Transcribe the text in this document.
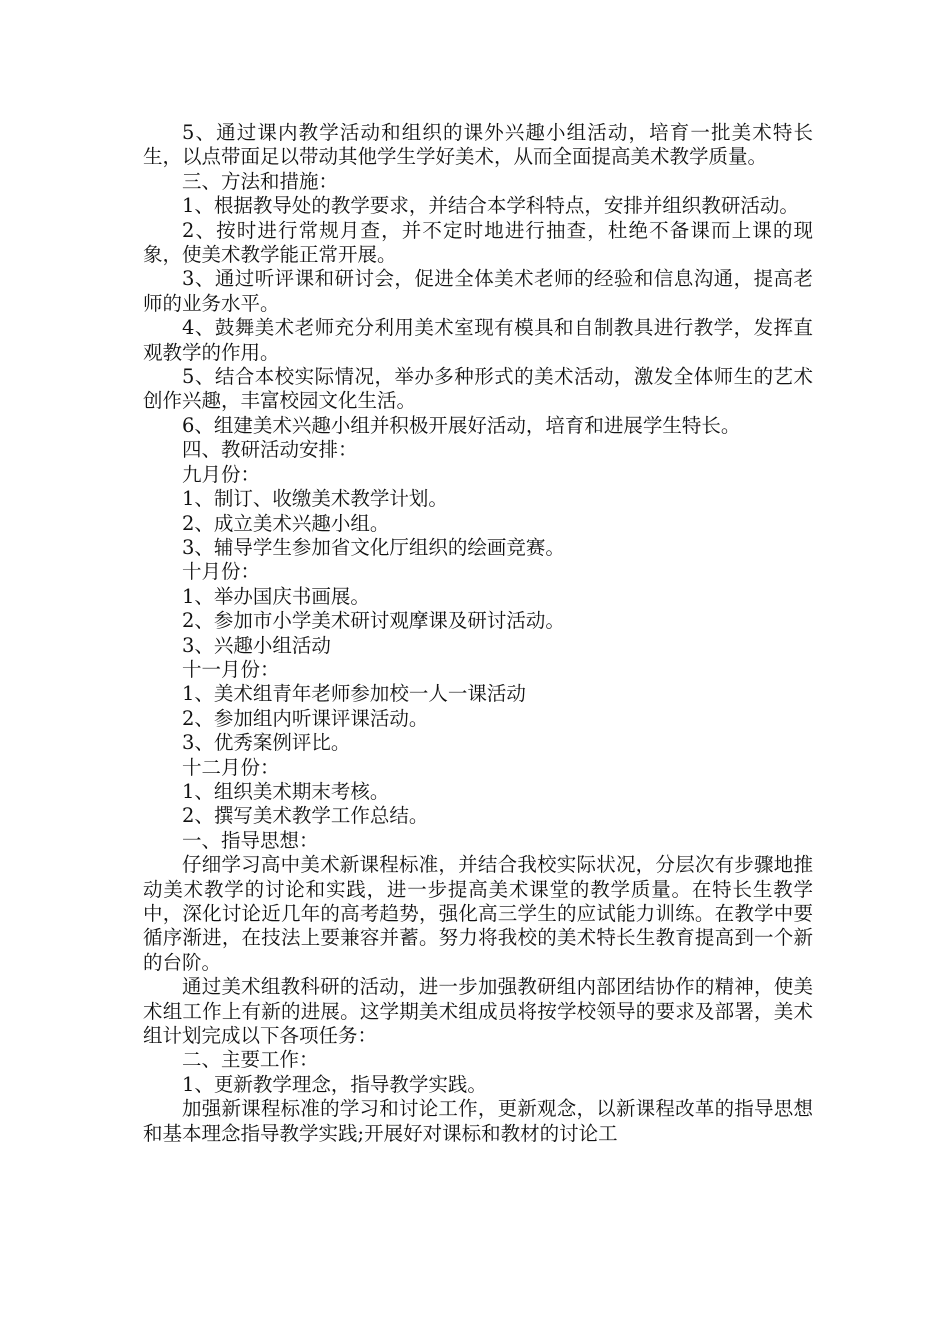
5、通过课内教学活动和组织的课外兴趣小组活动，培育一批美术特长生，以点带面足以带动其他学生学好美术，从而全面提高美术教学质量。

三、方法和措施：

1、根据教导处的教学要求，并结合本学科特点，安排并组织教研活动。

2、按时进行常规月查，并不定时地进行抽查，杜绝不备课而上课的现象，使美术教学能正常开展。

3、通过听评课和研讨会，促进全体美术老师的经验和信息沟通，提高老师的业务水平。

4、鼓舞美术老师充分利用美术室现有模具和自制教具进行教学，发挥直观教学的作用。

5、结合本校实际情况，举办多种形式的美术活动，激发全体师生的艺术创作兴趣，丰富校园文化生活。

6、组建美术兴趣小组并积极开展好活动，培育和进展学生特长。

四、教研活动安排：

九月份：

1、制订、收缴美术教学计划。

2、成立美术兴趣小组。

3、辅导学生参加省文化厅组织的绘画竞赛。

十月份：

1、举办国庆书画展。

2、参加市小学美术研讨观摩课及研讨活动。

3、兴趣小组活动

十一月份：

1、美术组青年老师参加校一人一课活动

2、参加组内听课评课活动。

3、优秀案例评比。

十二月份：

1、组织美术期末考核。

2、撰写美术教学工作总结。

一、指导思想：

仔细学习高中美术新课程标准，并结合我校实际状况，分层次有步骤地推动美术教学的讨论和实践，进一步提高美术课堂的教学质量。在特长生教学中，深化讨论近几年的高考趋势，强化高三学生的应试能力训练。在教学中要循序渐进，在技法上要兼容并蓄。努力将我校的美术特长生教育提高到一个新的台阶。

通过美术组教科研的活动，进一步加强教研组内部团结协作的精神，使美术组工作上有新的进展。这学期美术组成员将按学校领导的要求及部署，美术组计划完成以下各项任务：

二、主要工作：

1、更新教学理念，指导教学实践。

加强新课程标准的学习和讨论工作，更新观念，以新课程改革的指导思想和基本理念指导教学实践;开展好对课标和教材的讨论工
